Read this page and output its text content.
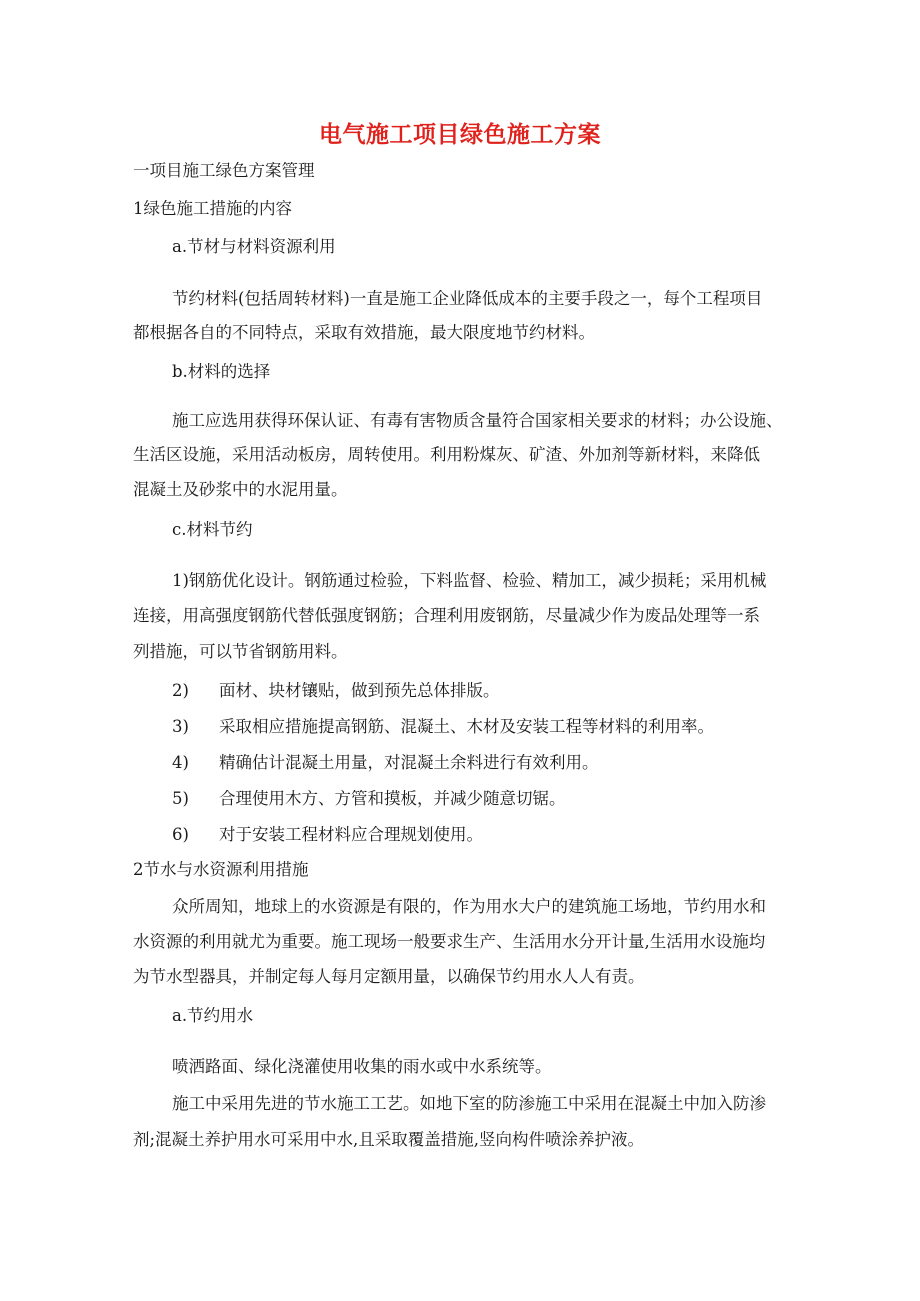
电气施工项目绿色施工方案
一项目施工绿色方案管理
1绿色施工措施的内容
a.节材与材料资源利用
节约材料(包括周转材料)一直是施工企业降低成本的主要手段之一，每个工程项目
都根据各自的不同特点，采取有效措施，最大限度地节约材料。
b.材料的选择
施工应选用获得环保认证、有毒有害物质含量符合国家相关要求的材料；办公设施、
生活区设施，采用活动板房，周转使用。利用粉煤灰、矿渣、外加剂等新材料，来降低
混凝土及砂浆中的水泥用量。
c.材料节约
1)钢筋优化设计。钢筋通过检验，下料监督、检验、精加工，减少损耗；采用机械
连接，用高强度钢筋代替低强度钢筋；合理利用废钢筋，尽量减少作为废品处理等一系
列措施，可以节省钢筋用料。
2) 面材、块材镶贴，做到预先总体排版。
3) 采取相应措施提高钢筋、混凝土、木材及安装工程等材料的利用率。
4) 精确估计混凝土用量，对混凝土余料进行有效利用。
5) 合理使用木方、方管和摸板，并减少随意切锯。
6) 对于安装工程材料应合理规划使用。
2节水与水资源利用措施
众所周知，地球上的水资源是有限的，作为用水大户的建筑施工场地，节约用水和
水资源的利用就尤为重要。施工现场一般要求生产、生活用水分开计量,生活用水设施均
为节水型器具，并制定每人每月定额用量，以确保节约用水人人有责。
a.节约用水
喷洒路面、绿化浇灌使用收集的雨水或中水系统等。
施工中采用先进的节水施工工艺。如地下室的防渗施工中采用在混凝土中加入防渗
剂;混凝土养护用水可采用中水,且采取覆盖措施,竖向构件喷涂养护液。
